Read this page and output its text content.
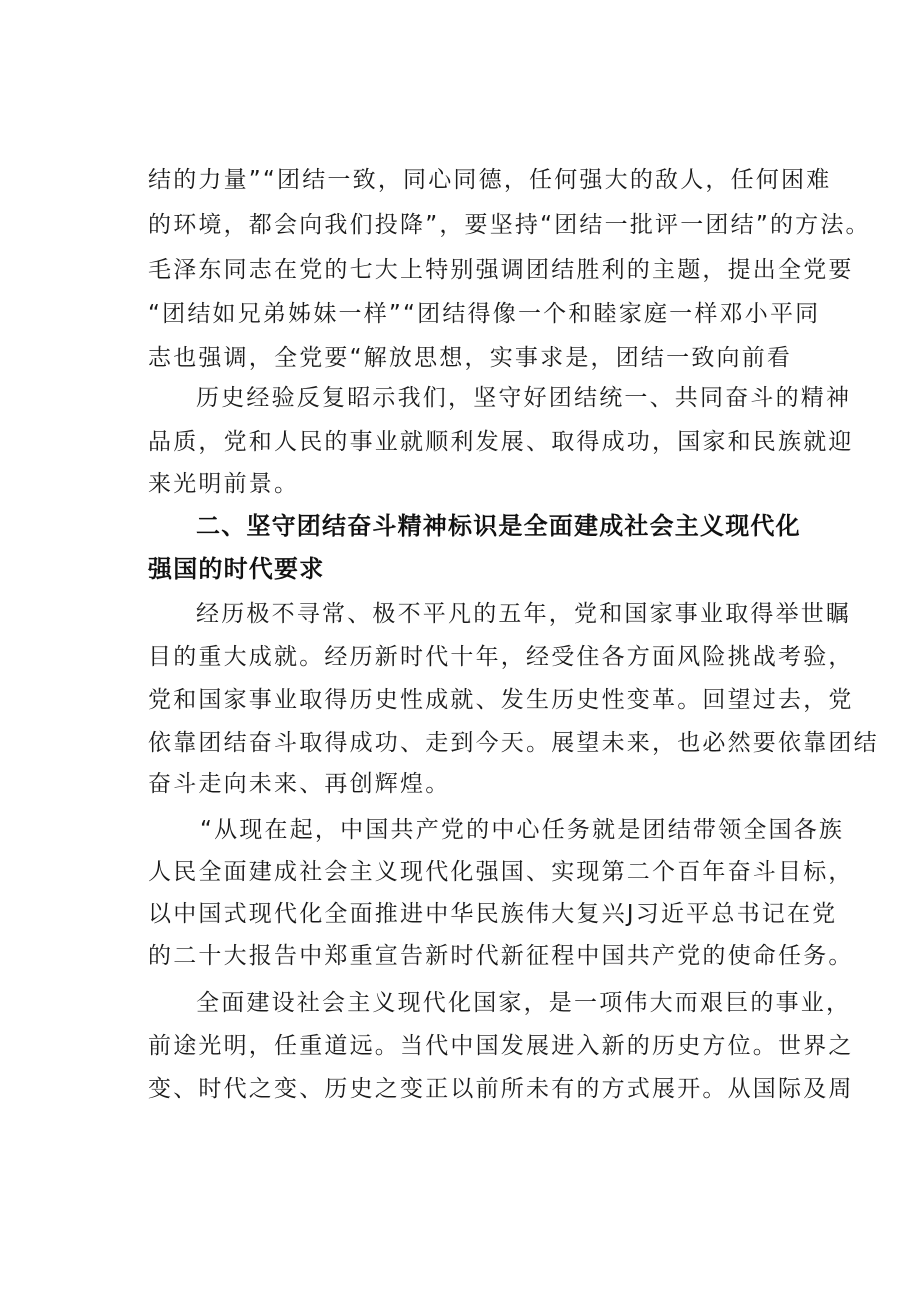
结的力量”“团结一致，同心同德，任何强大的敌人，任何困难
的环境，都会向我们投降”，要坚持“团结一批评一团结”的方法。
毛泽东同志在党的七大上特别强调团结胜利的主题，提出全党要
“团结如兄弟姊妹一样”“团结得像一个和睦家庭一样邓小平同
志也强调，全党要“解放思想，实事求是，团结一致向前看
历史经验反复昭示我们，坚守好团结统一、共同奋斗的精神
品质，党和人民的事业就顺利发展、取得成功，国家和民族就迎
来光明前景。
二、坚守团结奋斗精神标识是全面建成社会主义现代化
强国的时代要求
经历极不寻常、极不平凡的五年，党和国家事业取得举世瞩
目的重大成就。经历新时代十年，经受住各方面风险挑战考验，
党和国家事业取得历史性成就、发生历史性变革。回望过去，党
依靠团结奋斗取得成功、走到今天。展望未来，也必然要依靠团结
奋斗走向未来、再创辉煌。
“从现在起，中国共产党的中心任务就是团结带领全国各族
人民全面建成社会主义现代化强国、实现第二个百年奋斗目标，
以中国式现代化全面推进中华民族伟大复兴J习近平总书记在党
的二十大报告中郑重宣告新时代新征程中国共产党的使命任务。
全面建设社会主义现代化国家，是一项伟大而艰巨的事业，
前途光明，任重道远。当代中国发展进入新的历史方位。世界之
变、时代之变、历史之变正以前所未有的方式展开。从国际及周
